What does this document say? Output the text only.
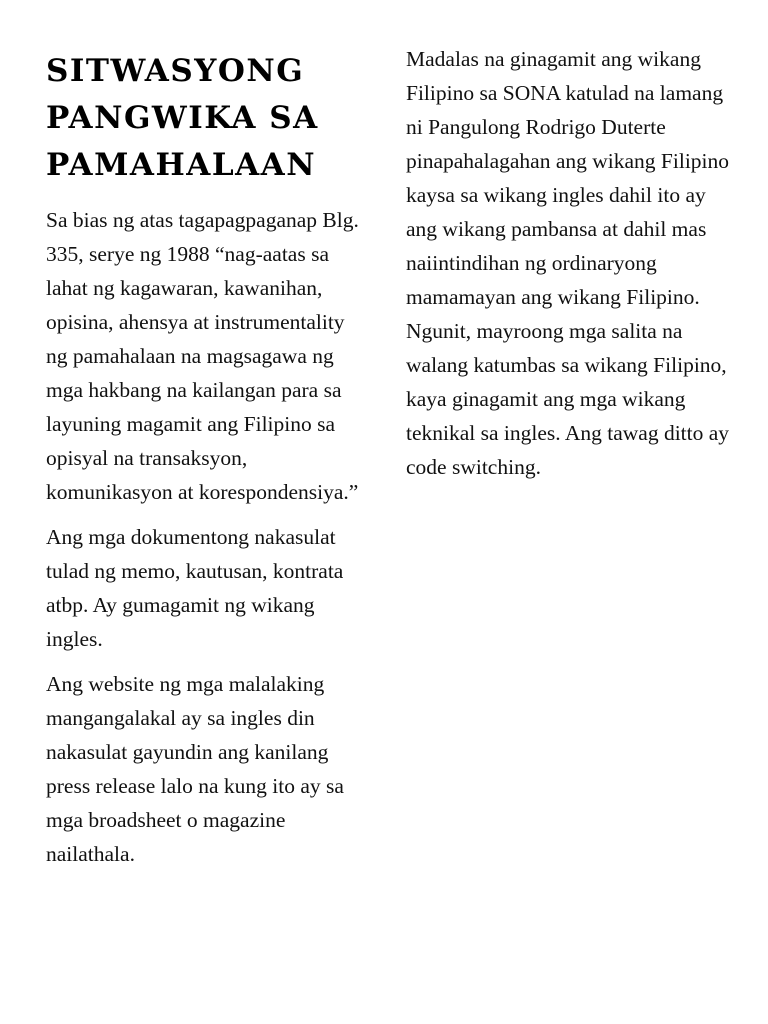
SITWASYONG PANGWIKA SA PAMAHALAAN

Sa bias ng atas tagapagpaganap Blg. 335, serye ng 1988 “nag-aatas sa lahat ng kagawaran, kawanihan, opisina, ahensya at instrumentality ng pamahalaan na magsagawa ng mga hakbang na kailangan para sa layuning magamit ang Filipino sa opisyal na transaksyon, komunikasyon at korespondensiya.”

Ang mga dokumentong nakasulat tulad ng memo, kautusan, kontrata atbp. Ay gumagamit ng wikang ingles.

Ang website ng mga malalaking mangangalakal ay sa ingles din nakasulat gayundin ang kanilang press release lalo na kung ito ay sa mga broadsheet o magazine nailathala.

Madalas na ginagamit ang wikang Filipino sa SONA katulad na lamang ni Pangulong Rodrigo Duterte pinapahalagahan ang wikang Filipino kaysa sa wikang ingles dahil ito ay ang wikang pambansa at dahil mas naiintindihan ng ordinaryong mamamayan ang wikang Filipino. Ngunit, mayroong mga salita na walang katumbas sa wikang Filipino, kaya ginagamit ang mga wikang teknikal sa ingles. Ang tawag ditto ay code switching.
